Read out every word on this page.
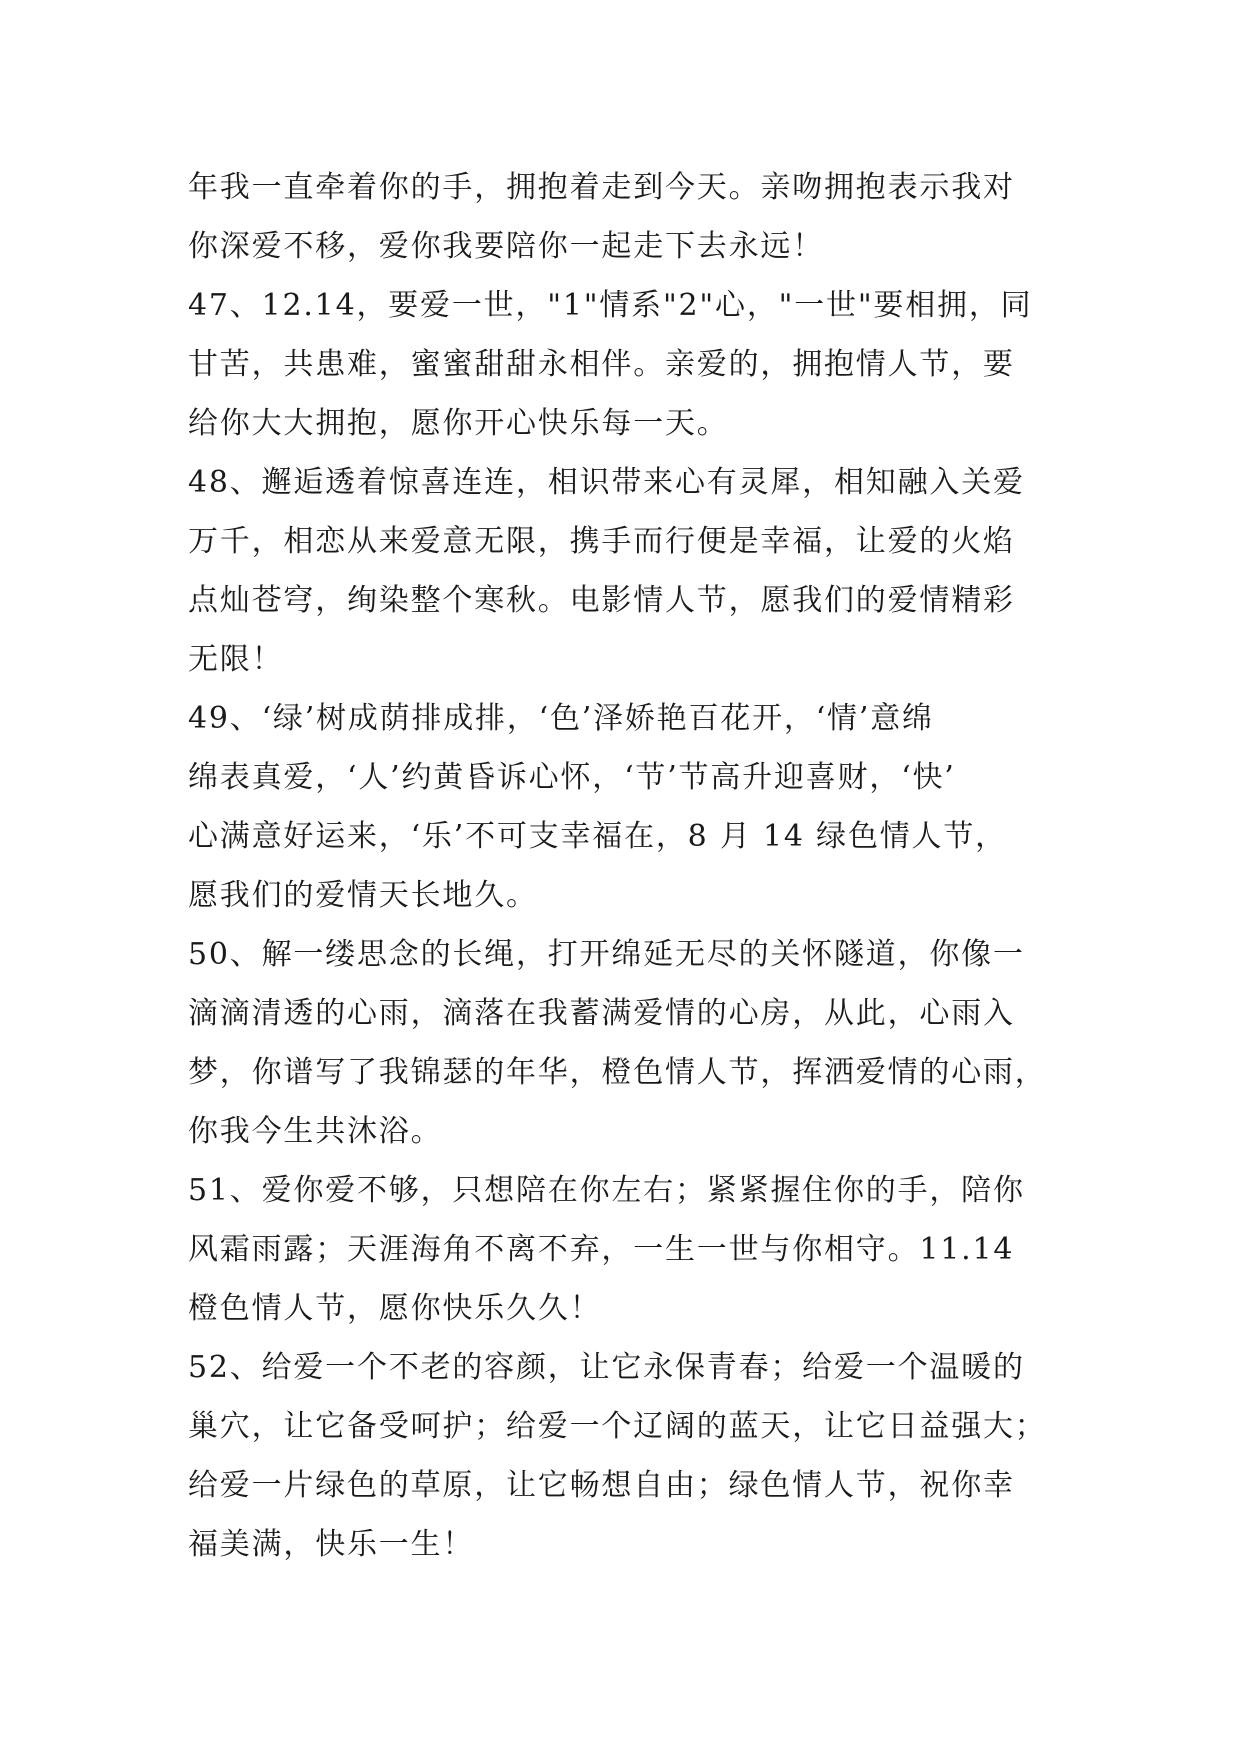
年我一直牵着你的手，拥抱着走到今天。亲吻拥抱表示我对
你深爱不移，爱你我要陪你一起走下去永远！
47、12.14，要爱一世，"1"情系"2"心，"一世"要相拥，同
甘苦，共患难，蜜蜜甜甜永相伴。亲爱的，拥抱情人节，要
给你大大拥抱，愿你开心快乐每一天。
48、邂逅透着惊喜连连，相识带来心有灵犀，相知融入关爱
万千，相恋从来爱意无限，携手而行便是幸福，让爱的火焰
点灿苍穹，绚染整个寒秋。电影情人节，愿我们的爱情精彩
无限！
49、‘绿’树成荫排成排，‘色’泽娇艳百花开，‘情’意绵
绵表真爱，‘人’约黄昏诉心怀，‘节’节高升迎喜财，‘快’
心满意好运来，‘乐’不可支幸福在，8 月 14 绿色情人节，
愿我们的爱情天长地久。
50、解一缕思念的长绳，打开绵延无尽的关怀隧道，你像一
滴滴清透的心雨，滴落在我蓄满爱情的心房，从此，心雨入
梦，你谱写了我锦瑟的年华，橙色情人节，挥洒爱情的心雨，
你我今生共沐浴。
51、爱你爱不够，只想陪在你左右；紧紧握住你的手，陪你
风霜雨露；天涯海角不离不弃，一生一世与你相守。11.14
橙色情人节，愿你快乐久久！
52、给爱一个不老的容颜，让它永保青春；给爱一个温暖的
巢穴，让它备受呵护；给爱一个辽阔的蓝天，让它日益强大；
给爱一片绿色的草原，让它畅想自由；绿色情人节，祝你幸
福美满，快乐一生！
